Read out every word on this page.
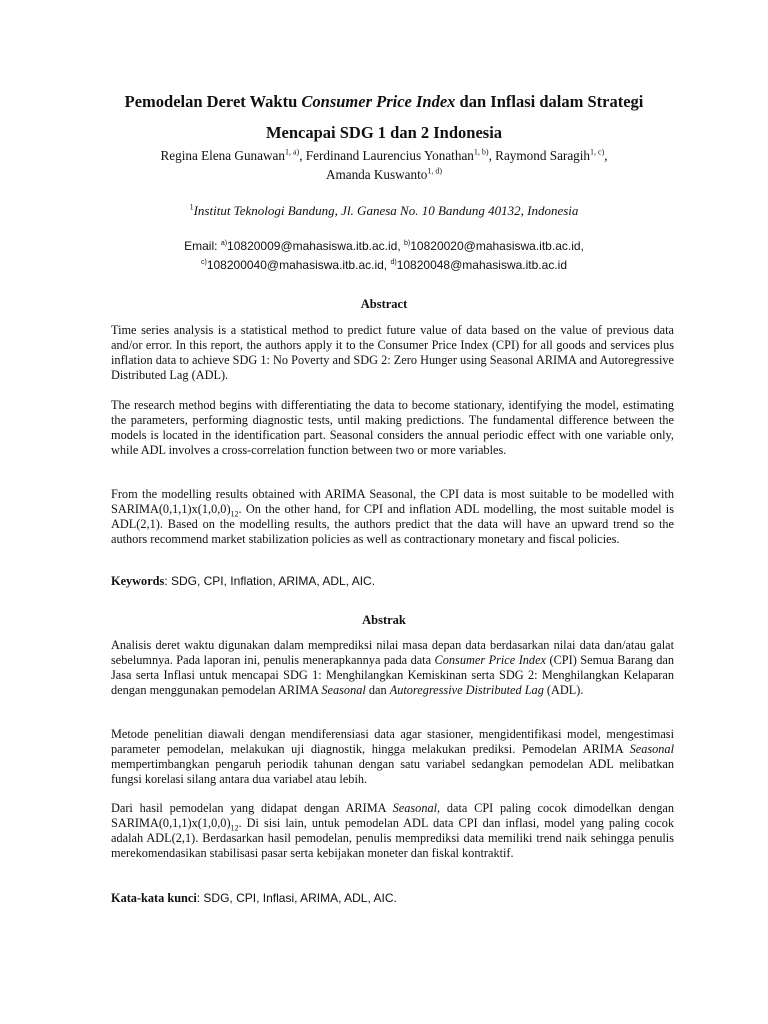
Pemodelan Deret Waktu Consumer Price Index dan Inflasi dalam Strategi
Mencapai SDG 1 dan 2 Indonesia
Regina Elena Gunawan$^{1, a)}$, Ferdinand Laurencius Yonathan$^{1, b)}$, Raymond Saragih$^{1, c)}$,
Amanda Kuswanto$^{1, d)}$
$^1$Institut Teknologi Bandung, Jl. Ganesa No. 10 Bandung 40132, Indonesia
Email: $^{a)}$10820009@mahasiswa.itb.ac.id, $^{b)}$10820020@mahasiswa.itb.ac.id,
$^{c)}$108200040@mahasiswa.itb.ac.id, $^{d)}$10820048@mahasiswa.itb.ac.id
Abstract

Time series analysis is a statistical method to predict future value of data based on the value of previous data and/or error. In this report, the authors apply it to the Consumer Price Index (CPI) for all goods and services plus inflation data to achieve SDG 1: No Poverty and SDG 2: Zero Hunger using Seasonal ARIMA and Autoregressive Distributed Lag (ADL).

The research method begins with differentiating the data to become stationary, identifying the model, estimating the parameters, performing diagnostic tests, until making predictions. The fundamental difference between the models is located in the identification part. Seasonal considers the annual periodic effect with one variable only, while ADL involves a cross-correlation function between two or more variables.

From the modelling results obtained with ARIMA Seasonal, the CPI data is most suitable to be modelled with $SARIMA(0,1,1)x(1,0,0)_{12}$. On the other hand, for CPI and inflation ADL modelling, the most suitable model is ADL(2,1). Based on the modelling results, the authors predict that the data will have an upward trend so the authors recommend market stabilization policies as well as contractionary monetary and fiscal policies.

Keywords: SDG, CPI, Inflation, ARIMA, ADL, AIC.

Abstrak

Analisis deret waktu digunakan dalam memprediksi nilai masa depan data berdasarkan nilai data dan/atau galat sebelumnya. Pada laporan ini, penulis menerapkannya pada data Consumer Price Index (CPI) Semua Barang dan Jasa serta Inflasi untuk mencapai SDG 1: Menghilangkan Kemiskinan serta SDG 2: Menghilangkan Kelaparan dengan menggunakan pemodelan ARIMA Seasonal dan Autoregressive Distributed Lag (ADL).

Metode penelitian diawali dengan mendiferensiasi data agar stasioner, mengidentifikasi model, mengestimasi parameter pemodelan, melakukan uji diagnostik, hingga melakukan prediksi. Pemodelan ARIMA Seasonal mempertimbangkan pengaruh periodik tahunan dengan satu variabel sedangkan pemodelan ADL melibatkan fungsi korelasi silang antara dua variabel atau lebih.

Dari hasil pemodelan yang didapat dengan ARIMA Seasonal, data CPI paling cocok dimodelkan dengan $SARIMA(0,1,1)x(1,0,0)_{12}$. Di sisi lain, untuk pemodelan ADL data CPI dan inflasi, model yang paling cocok adalah ADL(2,1). Berdasarkan hasil pemodelan, penulis memprediksi data memiliki trend naik sehingga penulis merekomendasikan stabilisasi pasar serta kebijakan moneter dan fiskal kontraktif.

Kata-kata kunci: SDG, CPI, Inflasi, ARIMA, ADL, AIC.
